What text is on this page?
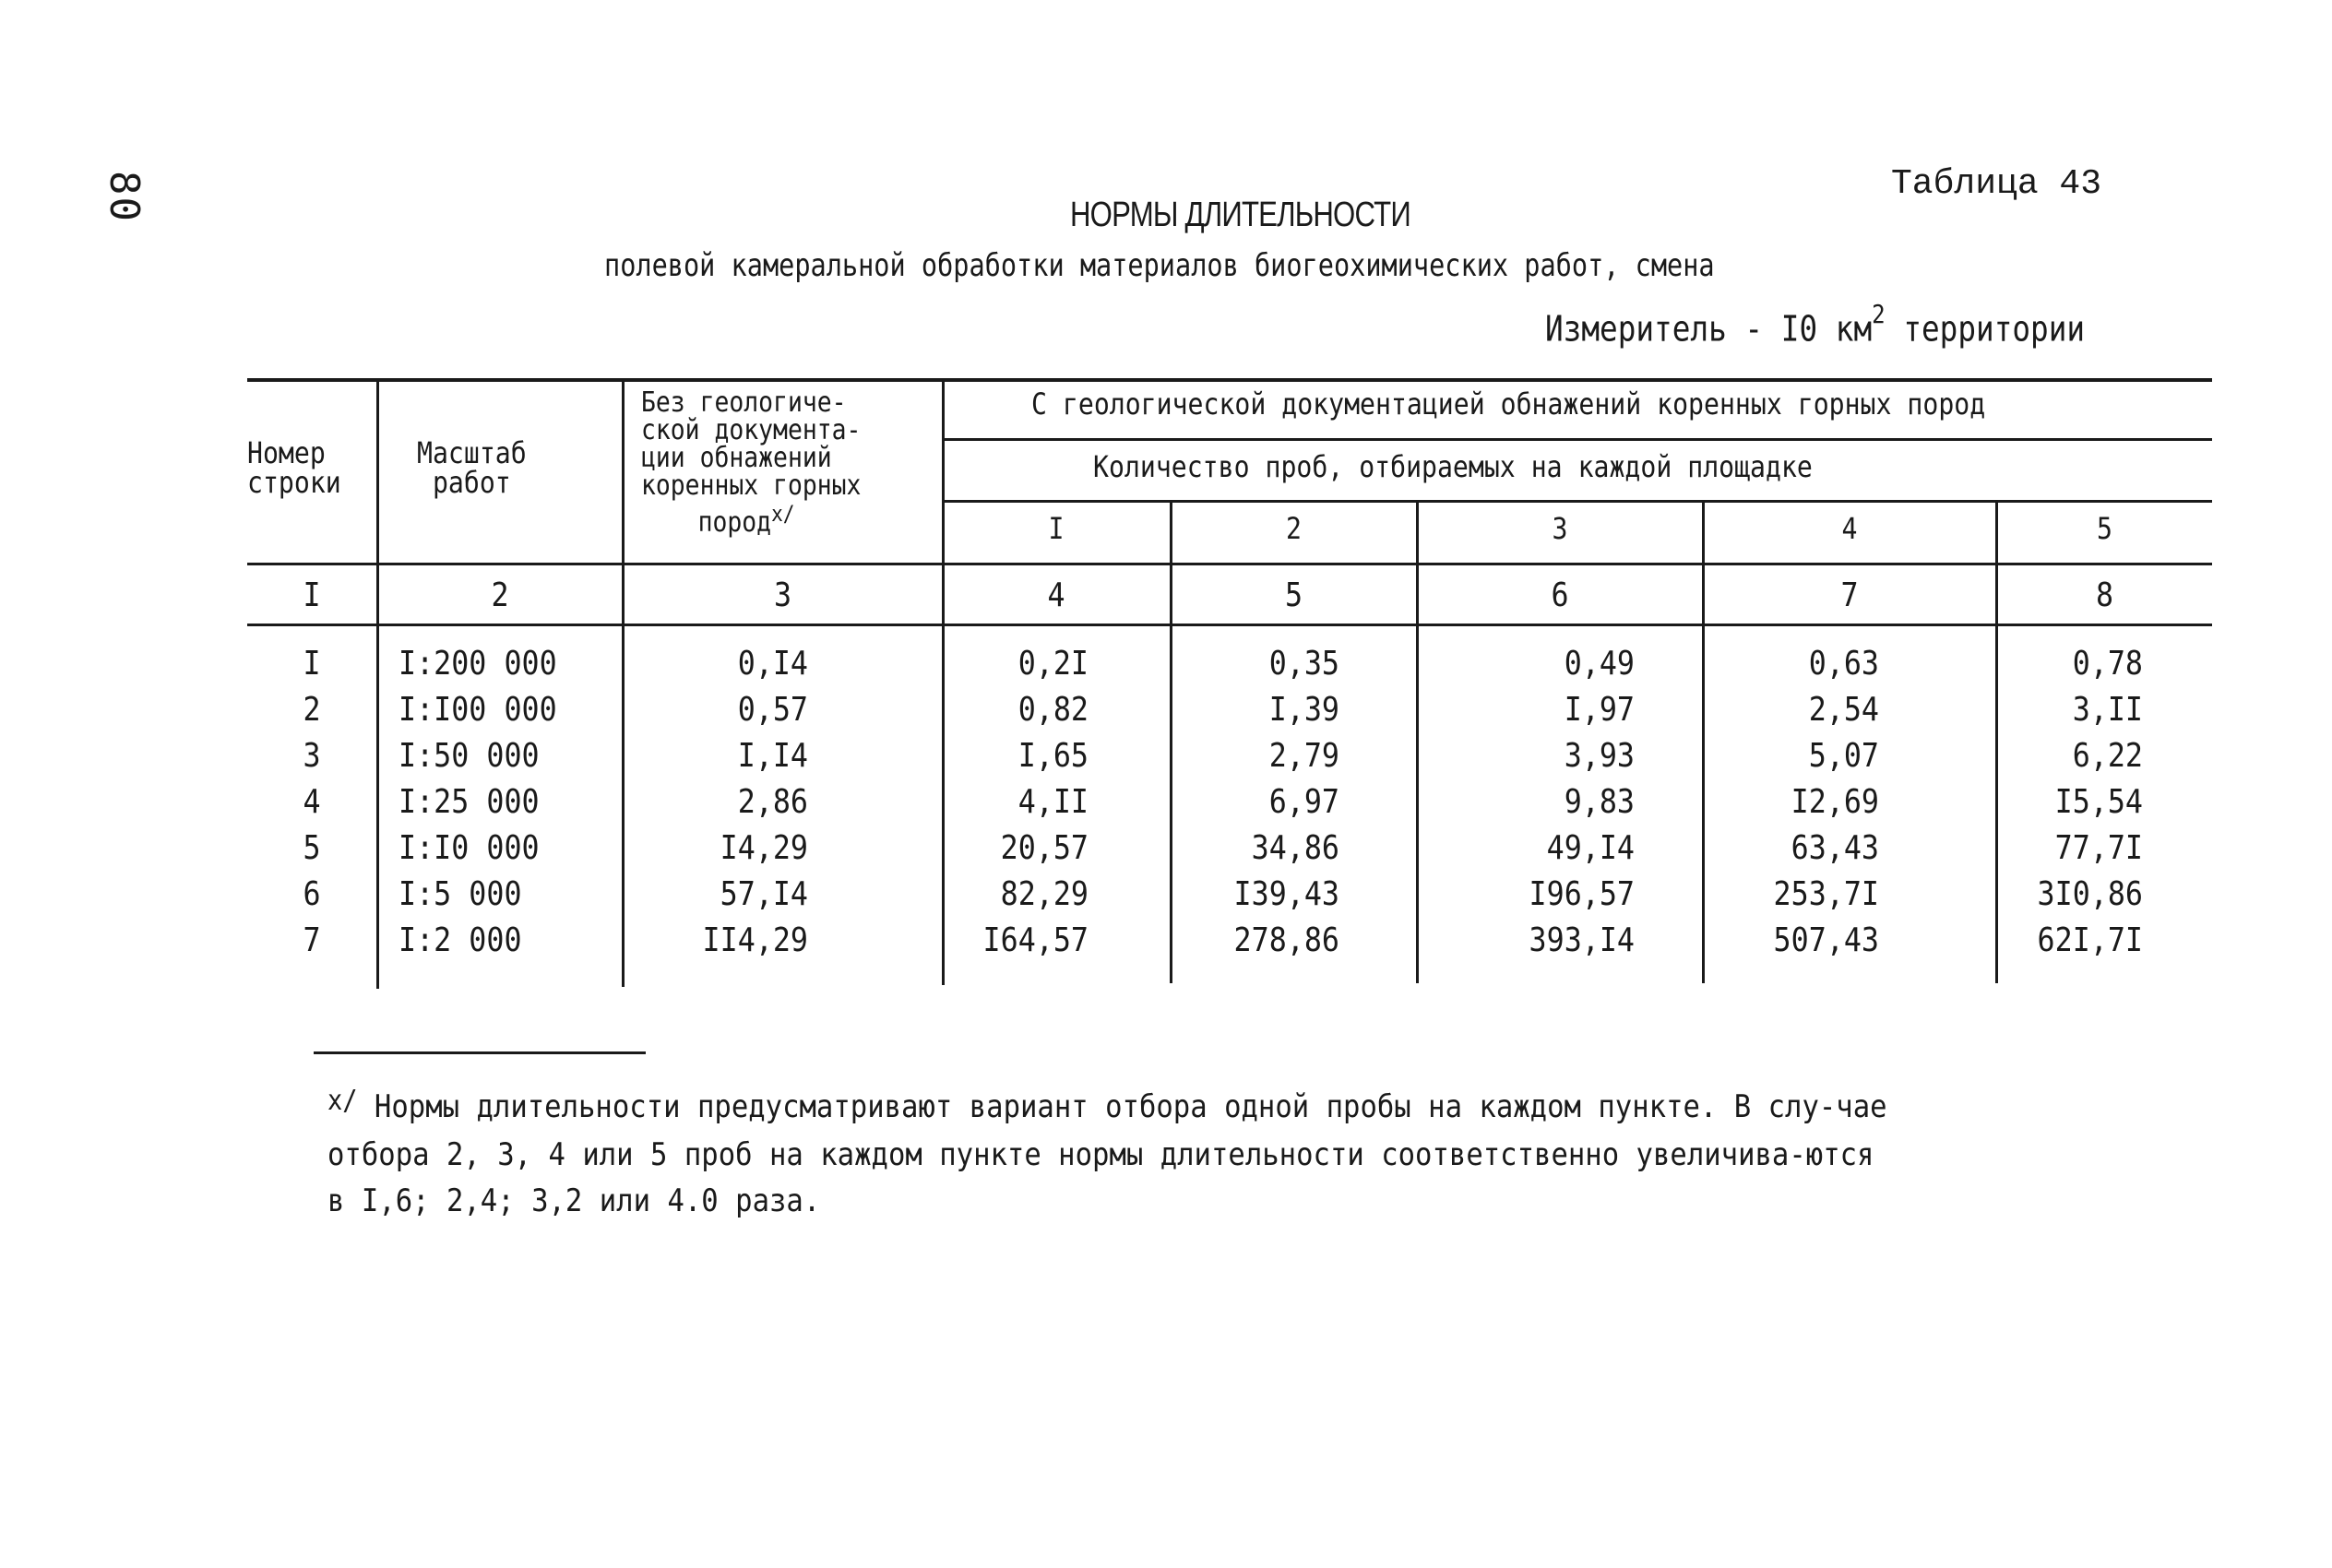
80	Таблица 43
НОРМЫ ДЛИТЕЛЬНОСТИ
полевой камеральной обработки материалов биогеохимических работ, смена
Измеритель - I0 $км^2$ территории
Номер
строки
Масштаб
работ
Без геологиче-
ской документа-
ции обнажений
коренных горных
пород$^{x/}$
С геологической документацией обнажений коренных горных пород
Количество проб, отбираемых на каждой площадке
I	2	3	4	5
I	2	3	4	5	6	7	8
I	I:200 000	0,I4	0,2I	0,35	0,49	0,63	0,78
2	I:I00 000	0,57	0,82	I,39	I,97	2,54	3,II
3	I:50 000	I,I4	I,65	2,79	3,93	5,07	6,22
4	I:25 000	2,86	4,II	6,97	9,83	I2,69	I5,54
5	I:I0 000	I4,29	20,57	34,86	49,I4	63,43	77,7I
6	I:5 000	57,I4	82,29	I39,43	I96,57	253,7I	3I0,86
7	I:2 000	II4,29	I64,57	278,86	393,I4	507,43	62I,7I
x/ Нормы длительности предусматривают вариант отбора одной пробы на каждом пункте. В слу-чае отбора 2, 3, 4 или 5 проб на каждом пункте нормы длительности соответственно увеличива-ются в I,6; 2,4; 3,2 или 4.0 раза.
